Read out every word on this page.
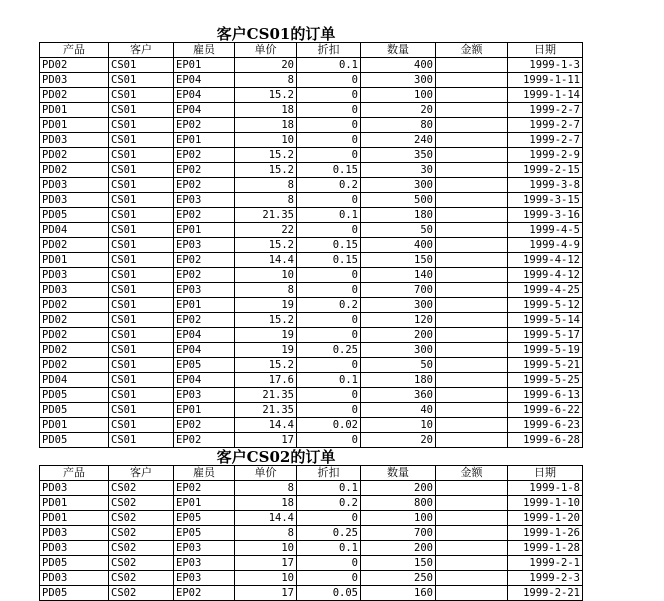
客户CS01的订单
产品	客户	雇员	单价	折扣	数量	金额	日期
PD02	CS01	EP01	20	0.1	400		1999-1-3
PD03	CS01	EP04	8	0	300		1999-1-11
PD02	CS01	EP04	15.2	0	100		1999-1-14
PD01	CS01	EP04	18	0	20		1999-2-7
PD01	CS01	EP02	18	0	80		1999-2-7
PD03	CS01	EP01	10	0	240		1999-2-7
PD02	CS01	EP02	15.2	0	350		1999-2-9
PD02	CS01	EP02	15.2	0.15	30		1999-2-15
PD03	CS01	EP02	8	0.2	300		1999-3-8
PD03	CS01	EP03	8	0	500		1999-3-15
PD05	CS01	EP02	21.35	0.1	180		1999-3-16
PD04	CS01	EP01	22	0	50		1999-4-5
PD02	CS01	EP03	15.2	0.15	400		1999-4-9
PD01	CS01	EP02	14.4	0.15	150		1999-4-12
PD03	CS01	EP02	10	0	140		1999-4-12
PD03	CS01	EP03	8	0	700		1999-4-25
PD02	CS01	EP01	19	0.2	300		1999-5-12
PD02	CS01	EP02	15.2	0	120		1999-5-14
PD02	CS01	EP04	19	0	200		1999-5-17
PD02	CS01	EP04	19	0.25	300		1999-5-19
PD02	CS01	EP05	15.2	0	50		1999-5-21
PD04	CS01	EP04	17.6	0.1	180		1999-5-25
PD05	CS01	EP03	21.35	0	360		1999-6-13
PD05	CS01	EP01	21.35	0	40		1999-6-22
PD01	CS01	EP02	14.4	0.02	10		1999-6-23
PD05	CS01	EP02	17	0	20		1999-6-28
客户CS02的订单
产品	客户	雇员	单价	折扣	数量	金额	日期
PD03	CS02	EP02	8	0.1	200		1999-1-8
PD01	CS02	EP01	18	0.2	800		1999-1-10
PD01	CS02	EP05	14.4	0	100		1999-1-20
PD03	CS02	EP05	8	0.25	700		1999-1-26
PD03	CS02	EP03	10	0.1	200		1999-1-28
PD05	CS02	EP03	17	0	150		1999-2-1
PD03	CS02	EP03	10	0	250		1999-2-3
PD05	CS02	EP02	17	0.05	160		1999-2-21
